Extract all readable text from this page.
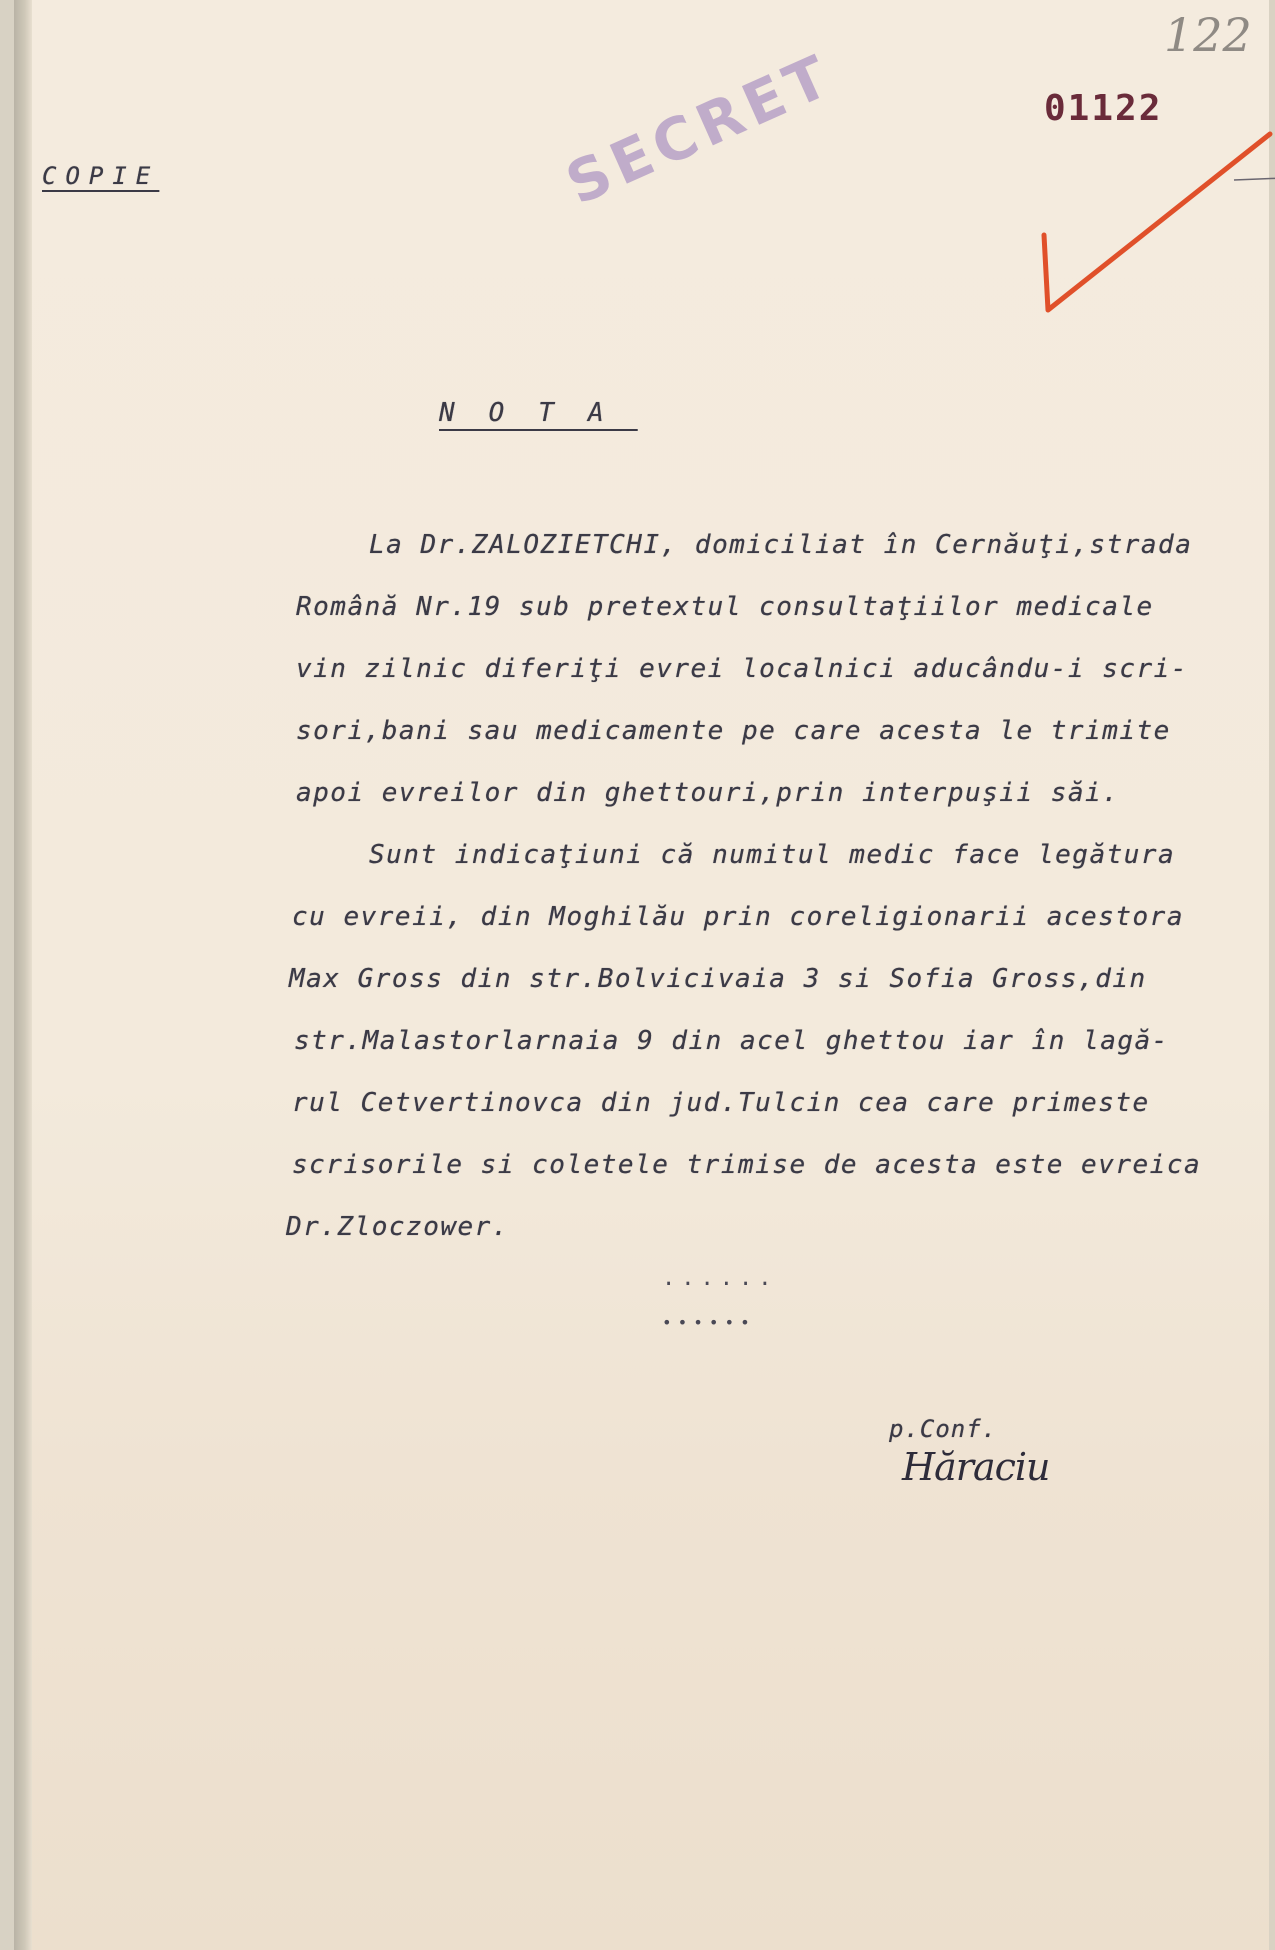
122
01122
COPIE	SECRET
NOTA
La Dr.ZALOZIETCHI, domiciliat în Cernăuţi,strada
Română Nr.19 sub pretextul consultaţiilor medicale
vin zilnic diferiţi evrei localnici aducându-i scri-
sori,bani sau medicamente pe care acesta le trimite
apoi evreilor din ghettouri,prin interpuşii săi.
Sunt indicaţiuni că numitul medic face legătura
cu evreii, din Moghilău prin coreligionarii acestora
Max Gross din str.Bolvicivaia 3 si Sofia Gross,din
str.Malastorlarnaia 9 din acel ghettou iar în lagă-
rul Cetvertinovca din jud.Tulcin cea care primeste
scrisorile si coletele trimise de acesta este evreica
Dr.Zloczower.
......
••••••
p.Conf.
Hăraciu
